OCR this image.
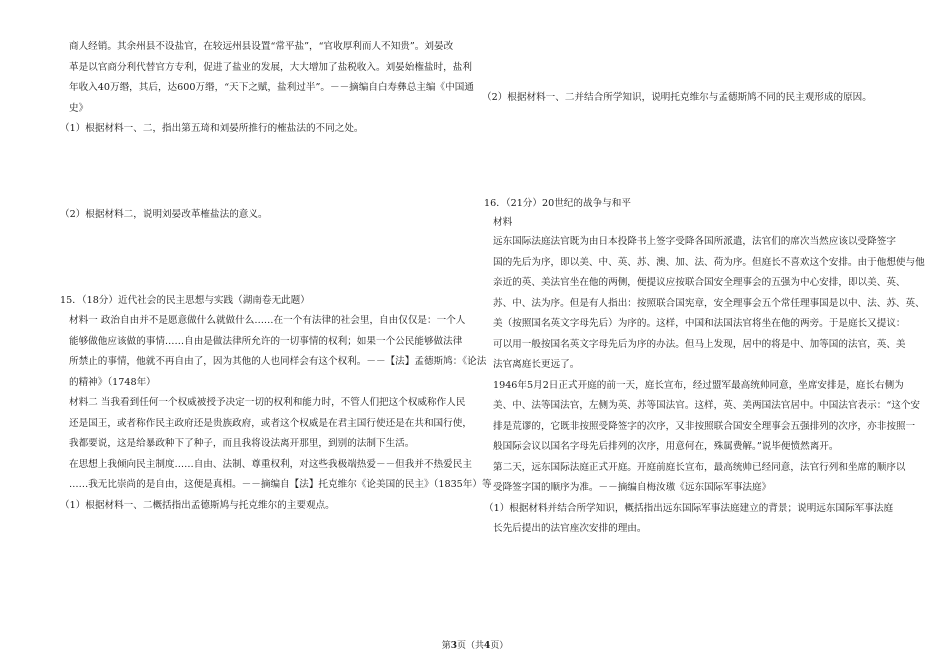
商人经销。其余州县不设盐官，在较远州县设置“常平盐”，“官收厚利而人不知贵”。刘晏改
革是以官商分利代替官方专利，促进了盐业的发展，大大增加了盐税收入。刘晏始権盐时，盐利
年收入40万缗，其后，达600万缗，“天下之赋，盐利过半”。－－摘编自白寿彝总主编《中国通
史》
（1）根据材料一、二，指出第五琦和刘晏所推行的榷盐法的不同之处。
（2）根据材料二，说明刘晏改革榷盐法的意义。
15．（18分）近代社会的民主思想与实践（湖南卷无此题）
材料一 政治自由并不是愿意做什么就做什么……在一个有法律的社会里，自由仅仅是：一个人
能够做他应该做的事情……自由是做法律所允许的一切事情的权利；如果一个公民能够做法律
所禁止的事情，他就不再自由了，因为其他的人也同样会有这个权利。－－【法】孟德斯鸠：《论法
的精神》（1748年）
材料二 当我看到任何一个权威被授予决定一切的权利和能力时，不管人们把这个权威称作人民
还是国王，或者称作民主政府还是贵族政府，或者这个权威是在君主国行使还是在共和国行使，
我都要说，这是给暴政种下了种子，而且我将设法离开那里，到别的法制下生活。
在思想上我倾向民主制度……自由、法制、尊重权利，对这些我极端热爱－－但我并不热爱民主
……我无比崇尚的是自由，这便是真相。－－摘编自【法】托克维尔《论美国的民主》（1835年）等
（1）根据材料一、二概括指出孟德斯鸠与托克维尔的主要观点。
（2）根据材料一、二并结合所学知识，说明托克维尔与孟德斯鸠不同的民主观形成的原因。
16．（21分）20世纪的战争与和平
材料
远东国际法庭法官既为由日本投降书上签字受降各国所派遣，法官们的席次当然应该以受降签字
国的先后为序，即以美、中、英、苏、澳、加、法、荷为序。但庭长不喜欢这个安排。由于他想使与他
亲近的英、美法官坐在他的两侧，便提议应按联合国安全理事会的五强为中心安排，即以美、英、
苏、中、法为序。但是有人指出：按照联合国宪章，安全理事会五个常任理事国是以中、法、苏、英、
美（按照国名英文字母先后）为序的。这样，中国和法国法官将坐在他的两旁。于是庭长又提议：
可以用一般按国名英文字母先后为序的办法。但马上发现，居中的将是中、加等国的法官，英、美
法官离庭长更远了。
1946年5月2日正式开庭的前一天，庭长宣布，经过盟军最高统帅同意，坐席安排是，庭长右侧为
美、中、法等国法官，左侧为英、苏等国法官。这样，英、美两国法官居中。中国法官表示：“这个安
排是荒谬的，它既非按照受降签字的次序，又非按照联合国安全理事会五强排列的次序，亦非按照一
般国际会议以国名字母先后排列的次序，用意何在，殊属费解。”说毕便愤然离开。
第二天，远东国际法庭正式开庭。开庭前庭长宣布，最高统帅已经同意，法官行列和坐席的顺序以
受降签字国的顺序为准。－－摘编自梅汝璈《远东国际军事法庭》
（1）根据材料并结合所学知识，概括指出远东国际军事法庭建立的背景；说明远东国际军事法庭
长先后提出的法官座次安排的理由。
第3页（共4页）
